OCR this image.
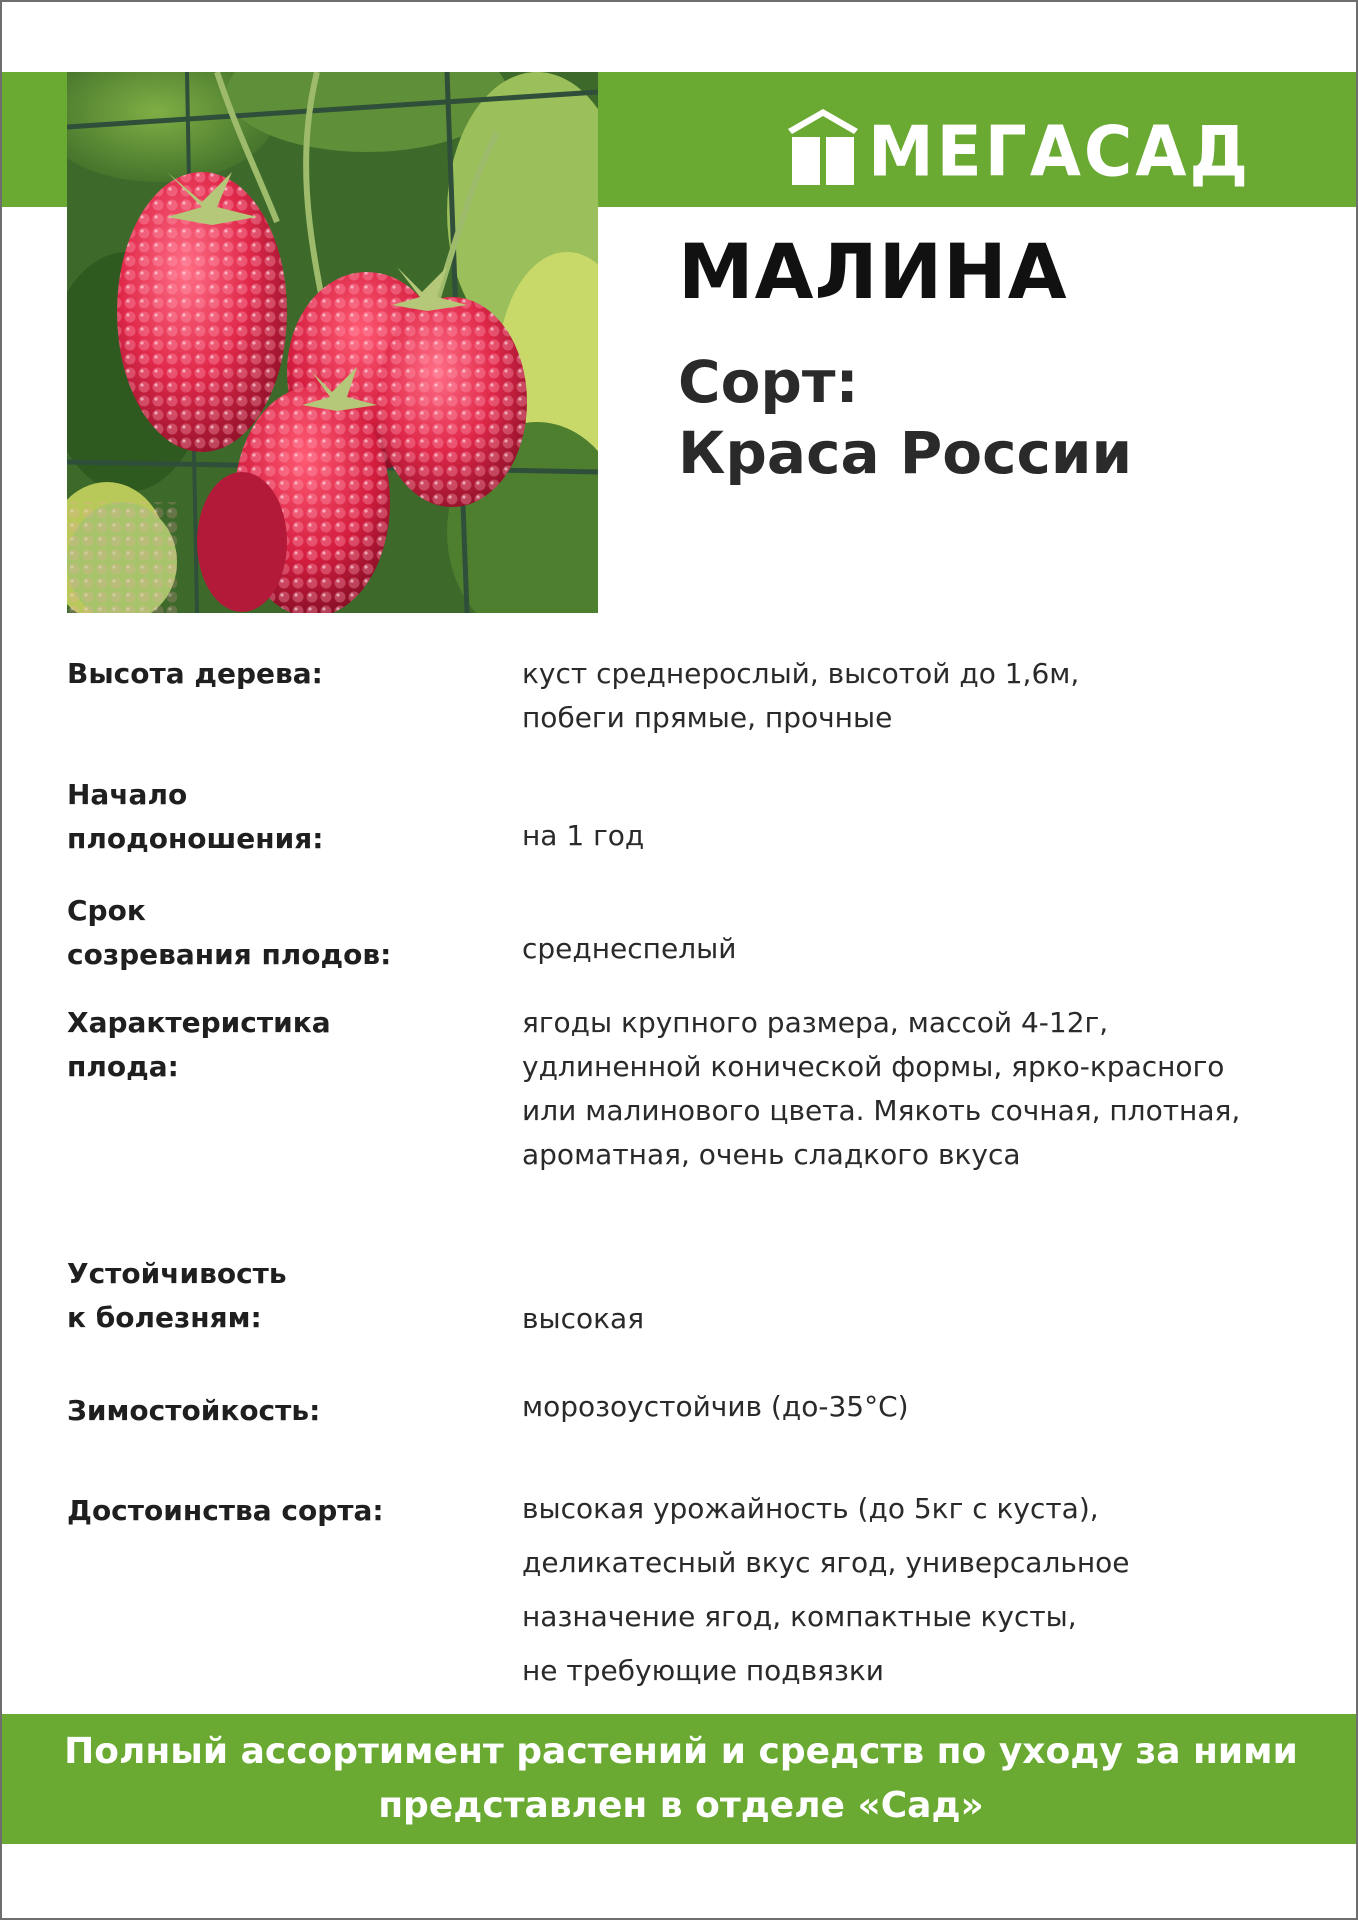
МЕГАСАД
МАЛИНА
Сорт:
Краса России
Высота дерева:	куст среднерослый, высотой до 1,6м,
побеги прямые, прочные
Начало
плодоношения:	на 1 год
Срок
созревания плодов:	среднеспелый
Характеристика
плода:
ягоды крупного размера, массой 4-12г,
удлиненной конической формы, ярко-красного
или малинового цвета. Мякоть сочная, плотная,
ароматная, очень сладкого вкуса
Устойчивость
к болезням:	высокая
Зимостойкость:	морозоустойчив (до-35°С)
Достоинства сорта:	высокая урожайность (до 5кг с куста),
деликатесный вкус ягод, универсальное
назначение ягод, компактные кусты,
не требующие подвязки
Полный ассортимент растений и средств по уходу за ними
представлен в отделе «Сад»
